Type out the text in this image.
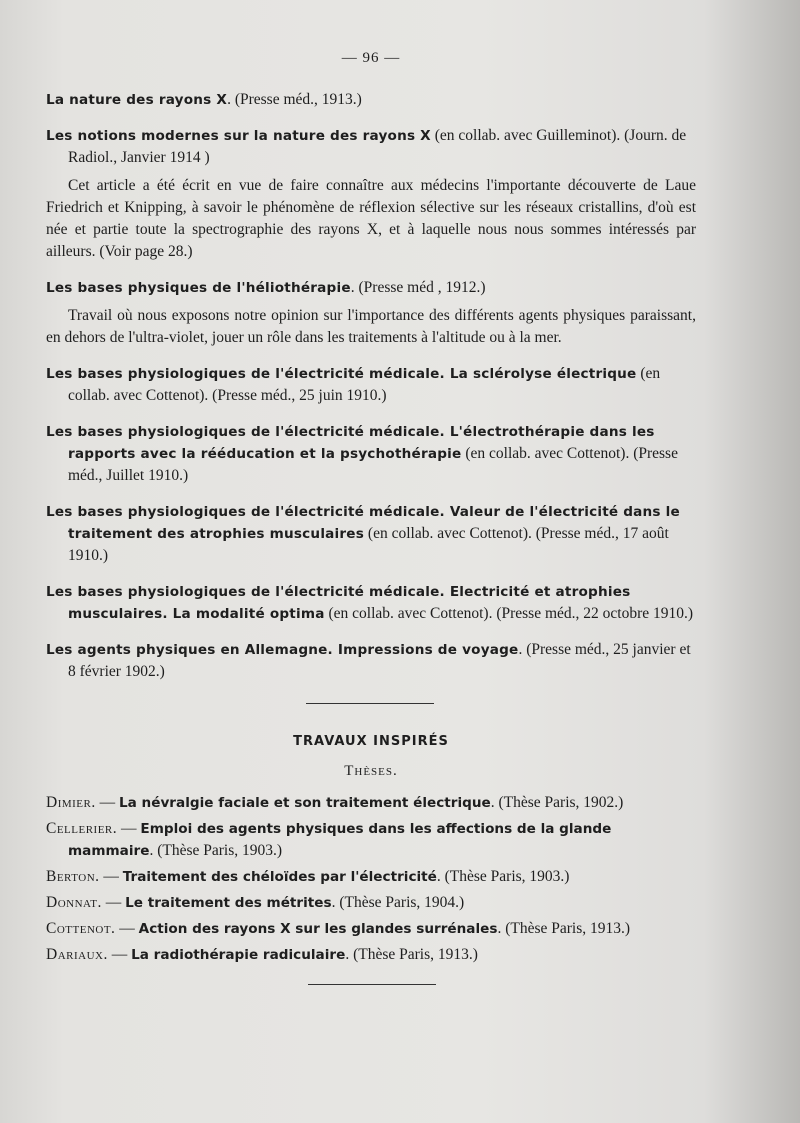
— 96 —
La nature des rayons X. (Presse méd., 1913.)
Les notions modernes sur la nature des rayons X (en collab. avec Guilleminot). (Journ. de Radiol., Janvier 1914 )

Cet article a été écrit en vue de faire connaître aux médecins l'importante découverte de Laue Friedrich et Knipping, à savoir le phénomène de réflexion sélective sur les réseaux cristallins, d'où est née et partie toute la spectrographie des rayons X, et à laquelle nous nous sommes intéressés par ailleurs. (Voir page 28.)

Les bases physiques de l'héliothérapie. (Presse méd , 1912.)

Travail où nous exposons notre opinion sur l'importance des différents agents physiques paraissant, en dehors de l'ultra-violet, jouer un rôle dans les traitements à l'altitude ou à la mer.

Les bases physiologiques de l'électricité médicale. La sclérolyse électrique (en collab. avec Cottenot). (Presse méd., 25 juin 1910.)
Les bases physiologiques de l'électricité médicale. L'électrothérapie dans les rapports avec la rééducation et la psychothérapie (en collab. avec Cottenot). (Presse méd., Juillet 1910.)
Les bases physiologiques de l'électricité médicale. Valeur de l'électricité dans le traitement des atrophies musculaires (en collab. avec Cottenot). (Presse méd., 17 août 1910.)
Les bases physiologiques de l'électricité médicale. Electricité et atrophies musculaires. La modalité optima (en collab. avec Cottenot). (Presse méd., 22 octobre 1910.)
Les agents physiques en Allemagne. Impressions de voyage. (Presse méd., 25 janvier et 8 février 1902.)
TRAVAUX INSPIRÉS
Thèses.
Dimier. — La névralgie faciale et son traitement électrique. (Thèse Paris, 1902.)
Cellerier. — Emploi des agents physiques dans les affections de la glande mammaire. (Thèse Paris, 1903.)
Berton. — Traitement des chéloïdes par l'électricité. (Thèse Paris, 1903.)
Donnat. — Le traitement des métrites. (Thèse Paris, 1904.)
Cottenot. — Action des rayons X sur les glandes surrénales. (Thèse Paris, 1913.)
Dariaux. — La radiothérapie radiculaire. (Thèse Paris, 1913.)
